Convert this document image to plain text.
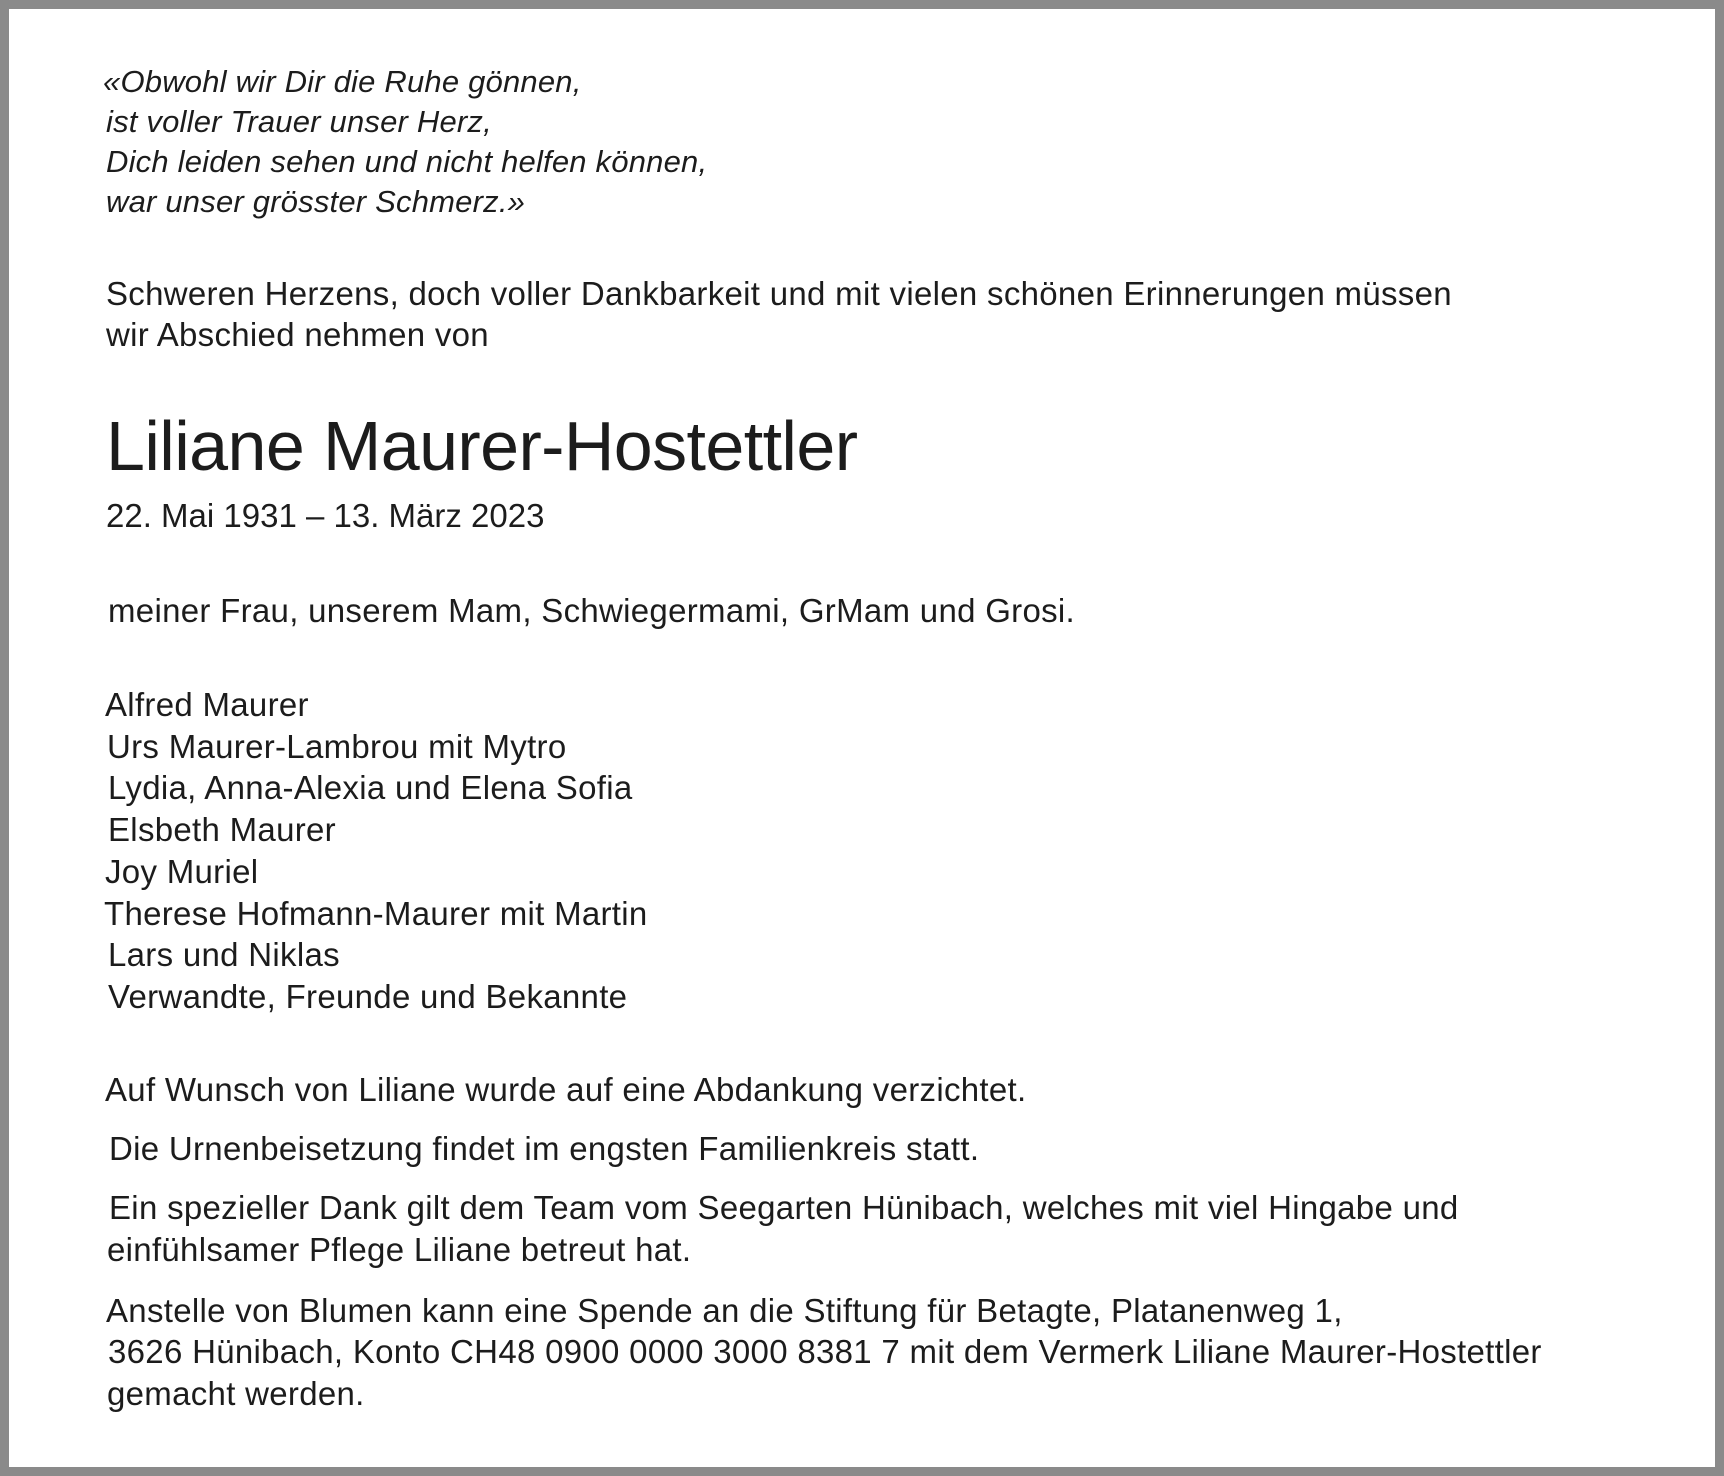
«Obwohl wir Dir die Ruhe gönnen,

ist voller Trauer unser Herz,

Dich leiden sehen und nicht helfen können,

war unser grösster Schmerz.»

Schweren Herzens, doch voller Dankbarkeit und mit vielen schönen Erinnerungen müssen

wir Abschied nehmen von

Liliane Maurer-Hostettler

22. Mai 1931 – 13. März 2023

meiner Frau, unserem Mam, Schwiegermami, GrMam und Grosi.

Alfred Maurer

Urs Maurer-Lambrou mit Mytro

Lydia, Anna-Alexia und Elena Sofia

Elsbeth Maurer

Joy Muriel

Therese Hofmann-Maurer mit Martin

Lars und Niklas

Verwandte, Freunde und Bekannte

Auf Wunsch von Liliane wurde auf eine Abdankung verzichtet.

Die Urnenbeisetzung findet im engsten Familienkreis statt.

Ein spezieller Dank gilt dem Team vom Seegarten Hünibach, welches mit viel Hingabe und

einfühlsamer Pflege Liliane betreut hat.

Anstelle von Blumen kann eine Spende an die Stiftung für Betagte, Platanenweg 1,

3626 Hünibach, Konto CH48 0900 0000 3000 8381 7 mit dem Vermerk Liliane Maurer-Hostettler

gemacht werden.
